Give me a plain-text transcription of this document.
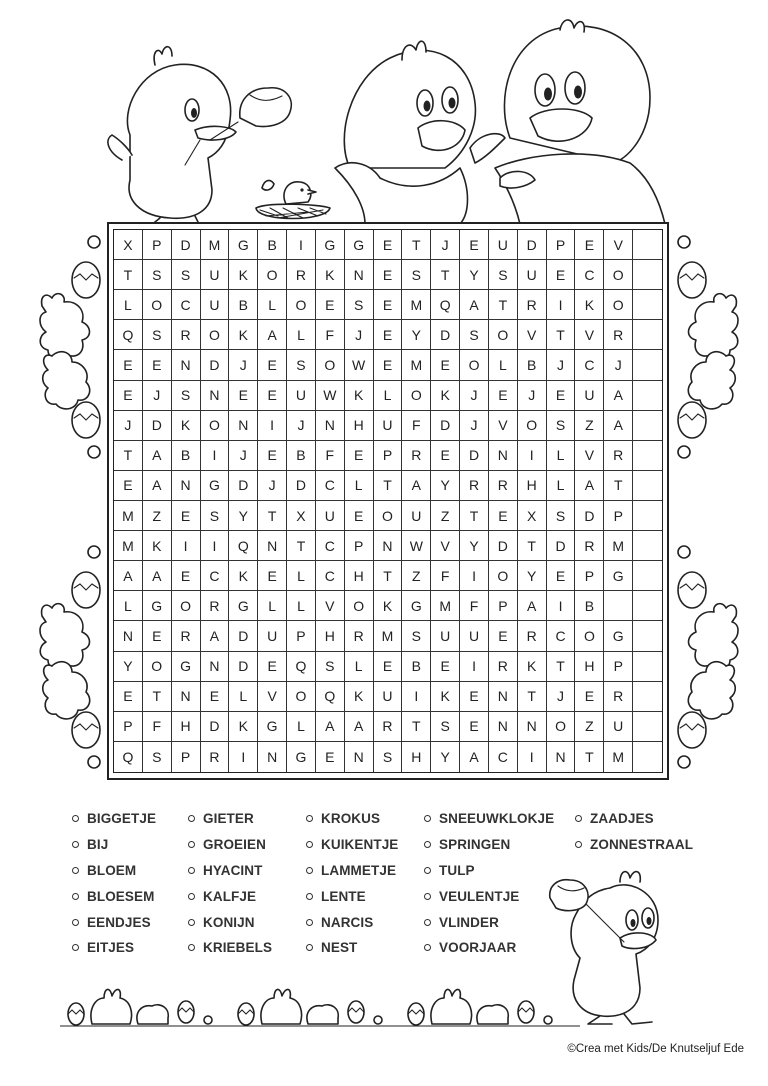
X	P	D	M	G	B	I	G	G	E	T	J	E	U	D	P	E	V
T	S	S	U	K	O	R	K	N	E	S	T	Y	S	U	E	C	O
L	O	C	U	B	L	O	E	S	E	M	Q	A	T	R	I	K	O
Q	S	R	O	K	A	L	F	J	E	Y	D	S	O	V	T	V	R
E	E	N	D	J	E	S	O	W	E	M	E	O	L	B	J	C	J
E	J	S	N	E	E	U	W	K	L	O	K	J	E	J	E	U	A
J	D	K	O	N	I	J	N	H	U	F	D	J	V	O	S	Z	A
T	A	B	I	J	E	B	F	E	P	R	E	D	N	I	L	V	R
E	A	N	G	D	J	D	C	L	T	A	Y	R	R	H	L	A	T
M	Z	E	S	Y	T	X	U	E	O	U	Z	T	E	X	S	D	P
M	K	I	I	Q	N	T	C	P	N	W	V	Y	D	T	D	R	M
A	A	E	C	K	E	L	C	H	T	Z	F	I	O	Y	E	P	G
L	G	O	R	G	L	L	V	O	K	G	M	F	P	A	I	B
N	E	R	A	D	U	P	H	R	M	S	U	U	E	R	C	O	G
Y	O	G	N	D	E	Q	S	L	E	B	E	I	R	K	T	H	P
E	T	N	E	L	V	O	Q	K	U	I	K	E	N	T	J	E	R
P	F	H	D	K	G	L	A	A	R	T	S	E	N	N	O	Z	U
Q	S	P	R	I	N	G	E	N	S	H	Y	A	C	I	N	T	M
BIGGETJE
BIJ
BLOEM
BLOESEM
EENDJES
EITJES
GIETER
GROEIEN
HYACINT
KALFJE
KONIJN
KRIEBELS
KROKUS
KUIKENTJE
LAMMETJE
LENTE
NARCIS
NEST
SNEEUWKLOKJE
SPRINGEN
TULP
VEULENTJE
VLINDER
VOORJAAR
ZAADJES
ZONNESTRAAL
©Crea met Kids/De Knutseljuf Ede
